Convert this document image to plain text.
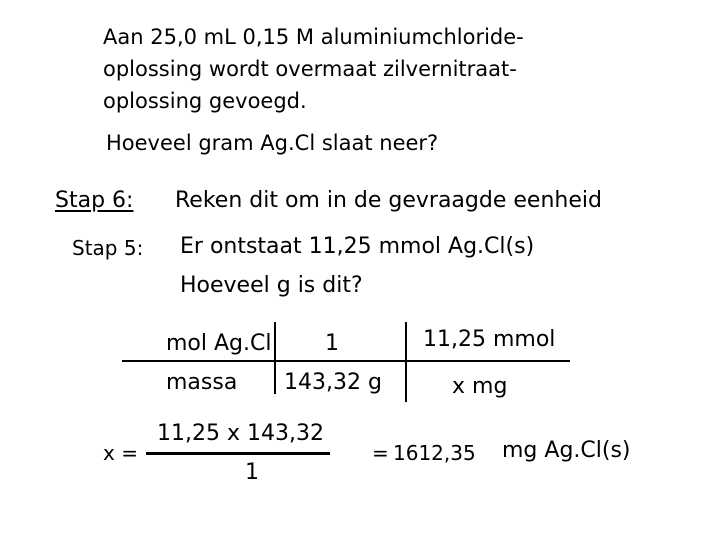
Aan 25,0 mL 0,15 M aluminiumchloride-
oplossing wordt overmaat zilvernitraat-
oplossing gevoegd.
Hoeveel gram Ag.Cl slaat neer?
Stap 6: Reken dit om in de gevraagde eenheid
Stap 5: Er ontstaat 11,25 mmol Ag.Cl(s)
Hoeveel g is dit?
mol Ag.Cl 1	11,25 mmol
massa 143,32 g	x mg
x =
11,25 x 143,32
1
= 1612,35 mg Ag.Cl(s)
